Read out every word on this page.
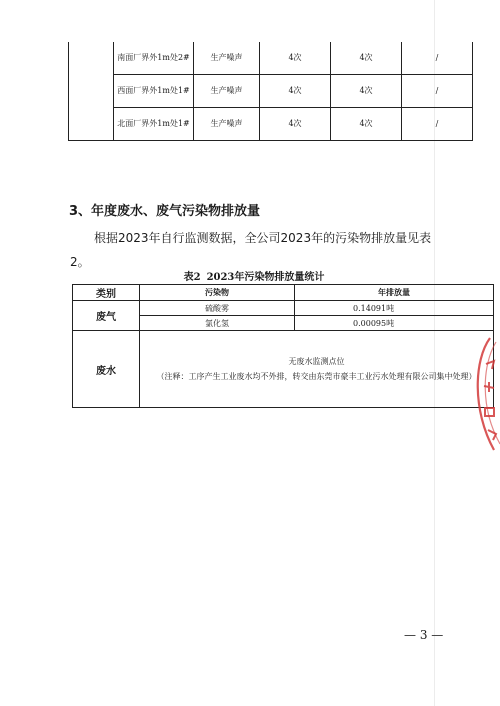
	南面厂界外1m处2#	生产噪声	4次	4次	/
	西面厂界外1m处1#	生产噪声	4次	4次	/
	北面厂界外1m处1#	生产噪声	4次	4次	/
3、年度废水、废气污染物排放量
根据2023年自行监测数据，全公司2023年的污染物排放量见表2。
表2 2023年污染物排放量统计
类别	污染物	年排放量
废气	硫酸雾	0.14091吨
	氯化氢	0.00095吨
废水	无废水监测点位
（注释：工序产生工业废水均不外排，转交由东莞市豪丰工业污水处理有限公司集中处理）	
— 3 —
